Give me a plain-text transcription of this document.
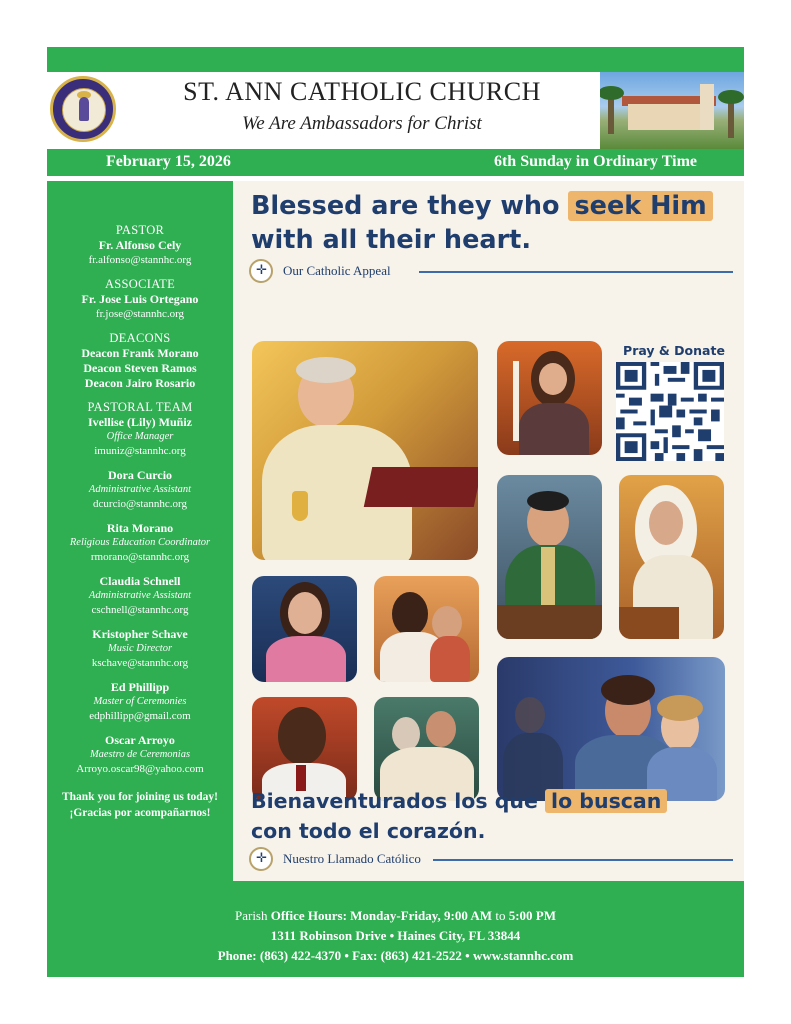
ST. ANN CATHOLIC CHURCH
We Are Ambassadors for Christ
February 15, 2026	6th Sunday in Ordinary Time
PASTOR
Fr. Alfonso Cely
fr.alfonso@stannhc.org
ASSOCIATE
Fr. Jose Luis Ortegano
fr.jose@stannhc.org
DEACONS
Deacon Frank Morano
Deacon Steven Ramos
Deacon Jairo Rosario
PASTORAL TEAM
Ivellise (Lily) Muñiz
Office Manager
imuniz@stannhc.org
Dora Curcio
Administrative Assistant
dcurcio@stannhc.org
Rita Morano
Religious Education Coordinator
rmorano@stannhc.org
Claudia Schnell
Administrative Assistant
cschnell@stannhc.org
Kristopher Schave
Music Director
kschave@stannhc.org
Ed Phillipp
Master of Ceremonies
edphillipp@gmail.com
Oscar Arroyo
Maestro de Ceremonias
Arroyo.oscar98@yahoo.com
Thank you for joining us today!
¡Gracias por acompañarnos!
Blessed are they who seek Him
with all their heart.
✛
Our Catholic Appeal
Pray & Donate
Bienaventurados los que lo buscan
con todo el corazón.
✛
Nuestro Llamado Católico
Parish Office Hours: Monday-Friday, 9:00 AM to 5:00 PM
1311 Robinson Drive • Haines City, FL 33844
Phone: (863) 422-4370 • Fax: (863) 421-2522 • www.stannhc.com
